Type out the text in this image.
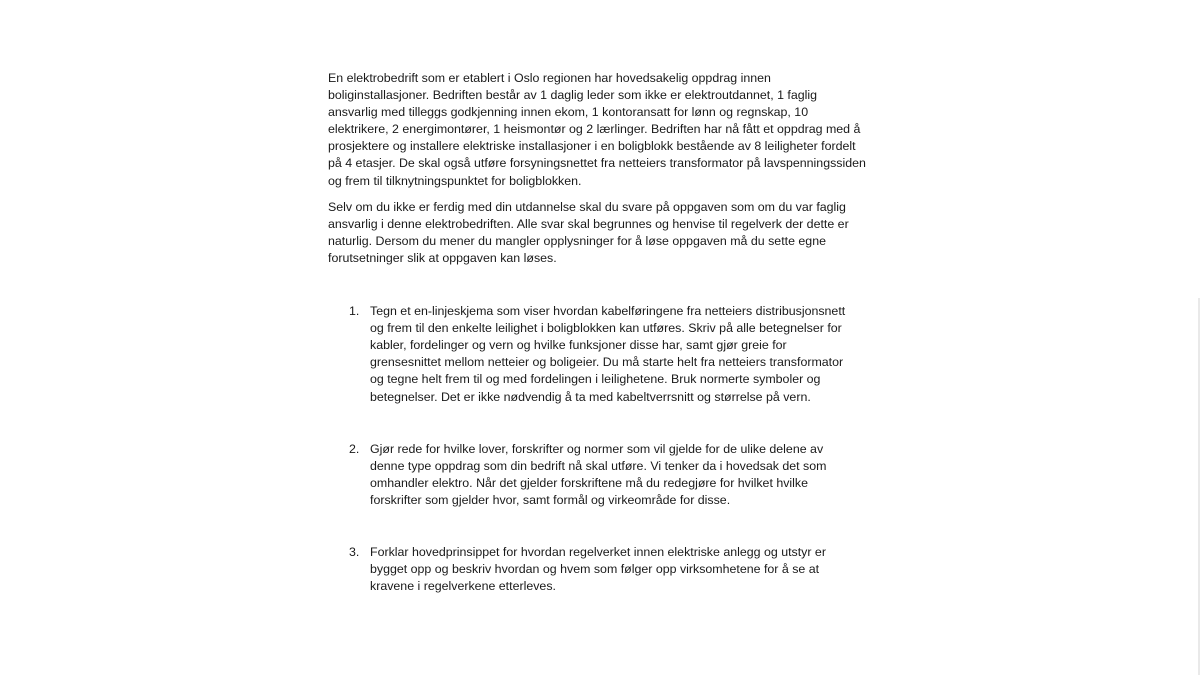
En elektrobedrift som er etablert i Oslo regionen har hovedsakelig oppdrag innen boliginstallasjoner. Bedriften består av 1 daglig leder som ikke er elektroutdannet, 1 faglig ansvarlig med tilleggs godkjenning innen ekom, 1 kontoransatt for lønn og regnskap, 10 elektrikere, 2 energimontører, 1 heismontør og 2 lærlinger. Bedriften har nå fått et oppdrag med å prosjektere og installere elektriske installasjoner i en boligblokk bestående av 8 leiligheter fordelt på 4 etasjer. De skal også utføre forsyningsnettet fra netteiers transformator på lavspenningssiden og frem til tilknytningspunktet for boligblokken.

Selv om du ikke er ferdig med din utdannelse skal du svare på oppgaven som om du var faglig ansvarlig i denne elektrobedriften. Alle svar skal begrunnes og henvise til regelverk der dette er naturlig. Dersom du mener du mangler opplysninger for å løse oppgaven må du sette egne forutsetninger slik at oppgaven kan løses.

1. Tegn et en-linjeskjema som viser hvordan kabelføringene fra netteiers distribusjonsnett og frem til den enkelte leilighet i boligblokken kan utføres. Skriv på alle betegnelser for kabler, fordelinger og vern og hvilke funksjoner disse har, samt gjør greie for grensesnittet mellom netteier og boligeier. Du må starte helt fra netteiers transformator og tegne helt frem til og med fordelingen i leilighetene. Bruk normerte symboler og betegnelser. Det er ikke nødvendig å ta med kabeltverrsnitt og størrelse på vern.
2. Gjør rede for hvilke lover, forskrifter og normer som vil gjelde for de ulike delene av denne type oppdrag som din bedrift nå skal utføre. Vi tenker da i hovedsak det som omhandler elektro. Når det gjelder forskriftene må du redegjøre for hvilket hvilke forskrifter som gjelder hvor, samt formål og virkeområde for disse.
3. Forklar hovedprinsippet for hvordan regelverket innen elektriske anlegg og utstyr er bygget opp og beskriv hvordan og hvem som følger opp virksomhetene for å se at kravene i regelverkene etterleves.
